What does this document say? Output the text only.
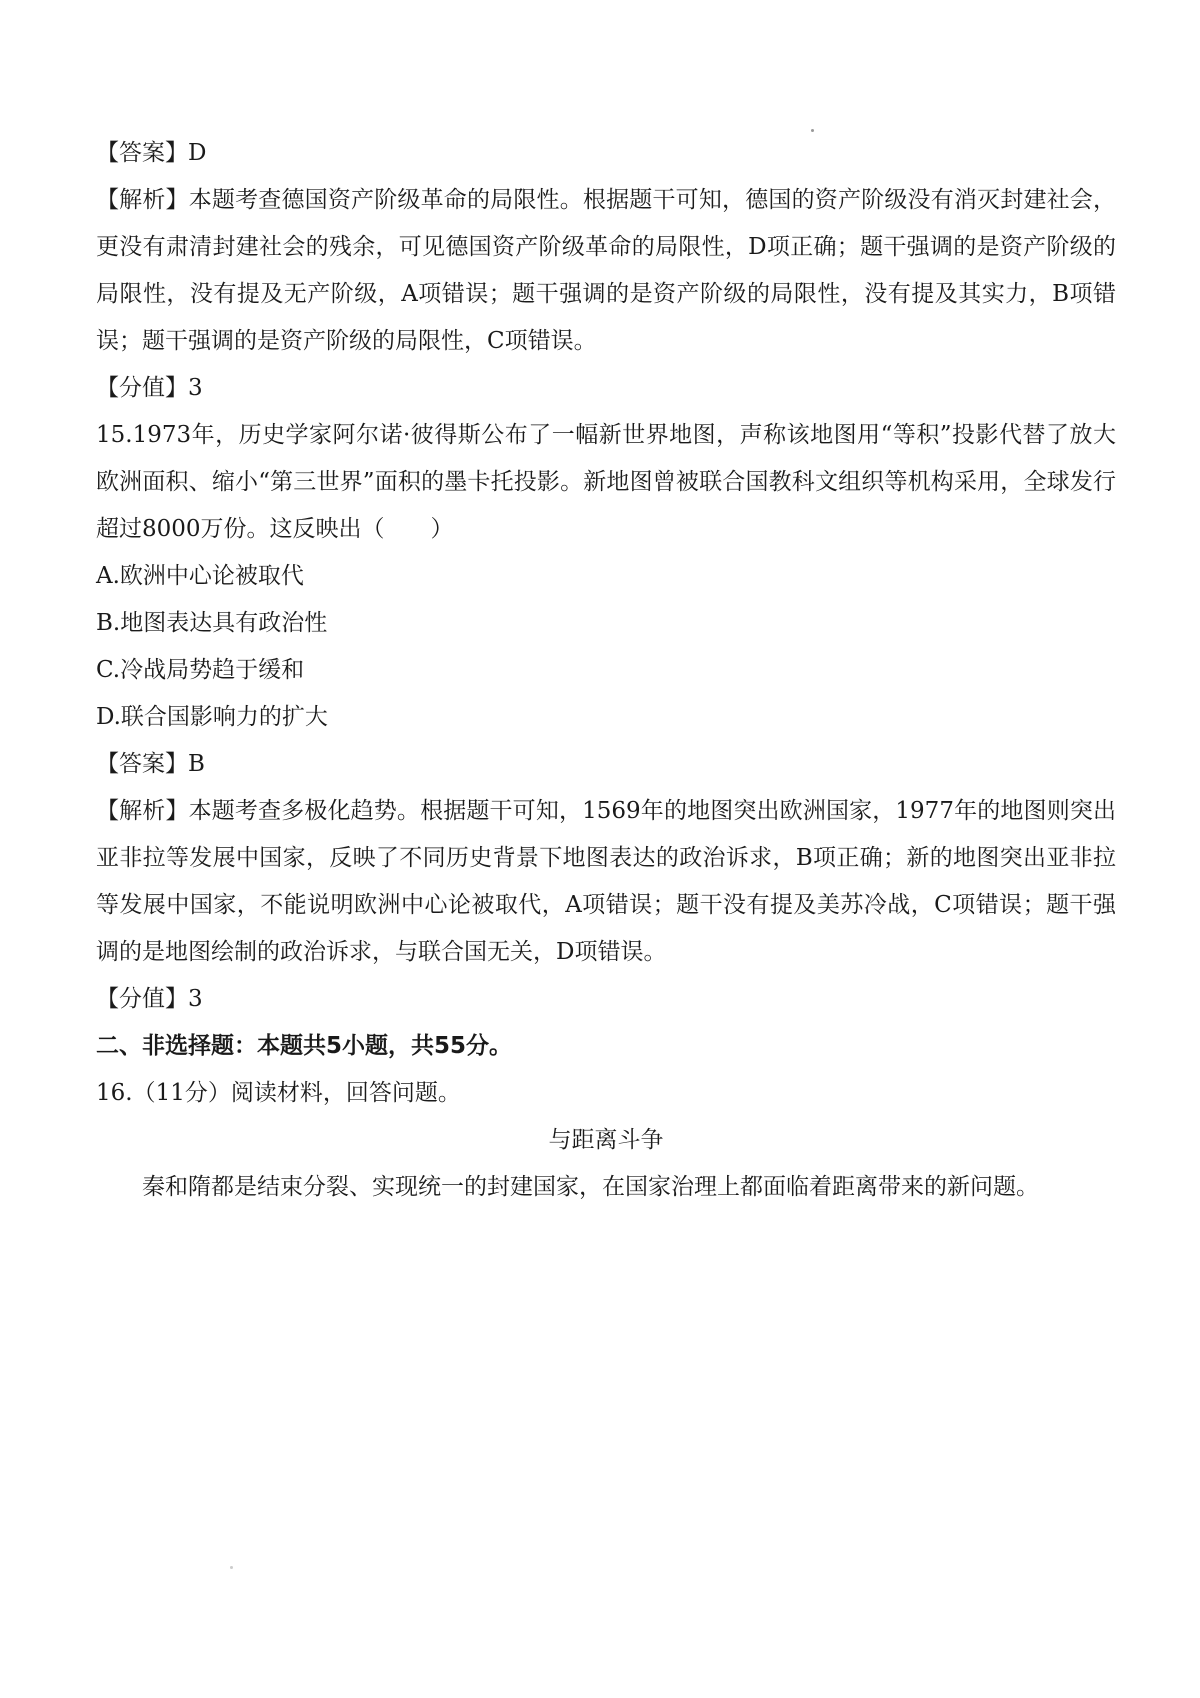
【答案】D

【解析】本题考查德国资产阶级革命的局限性。根据题干可知，德国的资产阶级没有消灭封建社会，更没有肃清封建社会的残余，可见德国资产阶级革命的局限性，D项正确；题干强调的是资产阶级的局限性，没有提及无产阶级，A项错误；题干强调的是资产阶级的局限性，没有提及其实力，B项错误；题干强调的是资产阶级的局限性，C项错误。

【分值】3

15.1973年，历史学家阿尔诺·彼得斯公布了一幅新世界地图，声称该地图用“等积”投影代替了放大欧洲面积、缩小“第三世界”面积的墨卡托投影。新地图曾被联合国教科文组织等机构采用，全球发行超过8000万份。这反映出（　　）

A.欧洲中心论被取代

B.地图表达具有政治性

C.冷战局势趋于缓和

D.联合国影响力的扩大

【答案】B

【解析】本题考查多极化趋势。根据题干可知，1569年的地图突出欧洲国家，1977年的地图则突出亚非拉等发展中国家，反映了不同历史背景下地图表达的政治诉求，B项正确；新的地图突出亚非拉等发展中国家，不能说明欧洲中心论被取代，A项错误；题干没有提及美苏冷战，C项错误；题干强调的是地图绘制的政治诉求，与联合国无关，D项错误。

【分值】3

二、非选择题：本题共5小题，共55分。

16.（11分）阅读材料，回答问题。

与距离斗争

秦和隋都是结束分裂、实现统一的封建国家，在国家治理上都面临着距离带来的新问题。
